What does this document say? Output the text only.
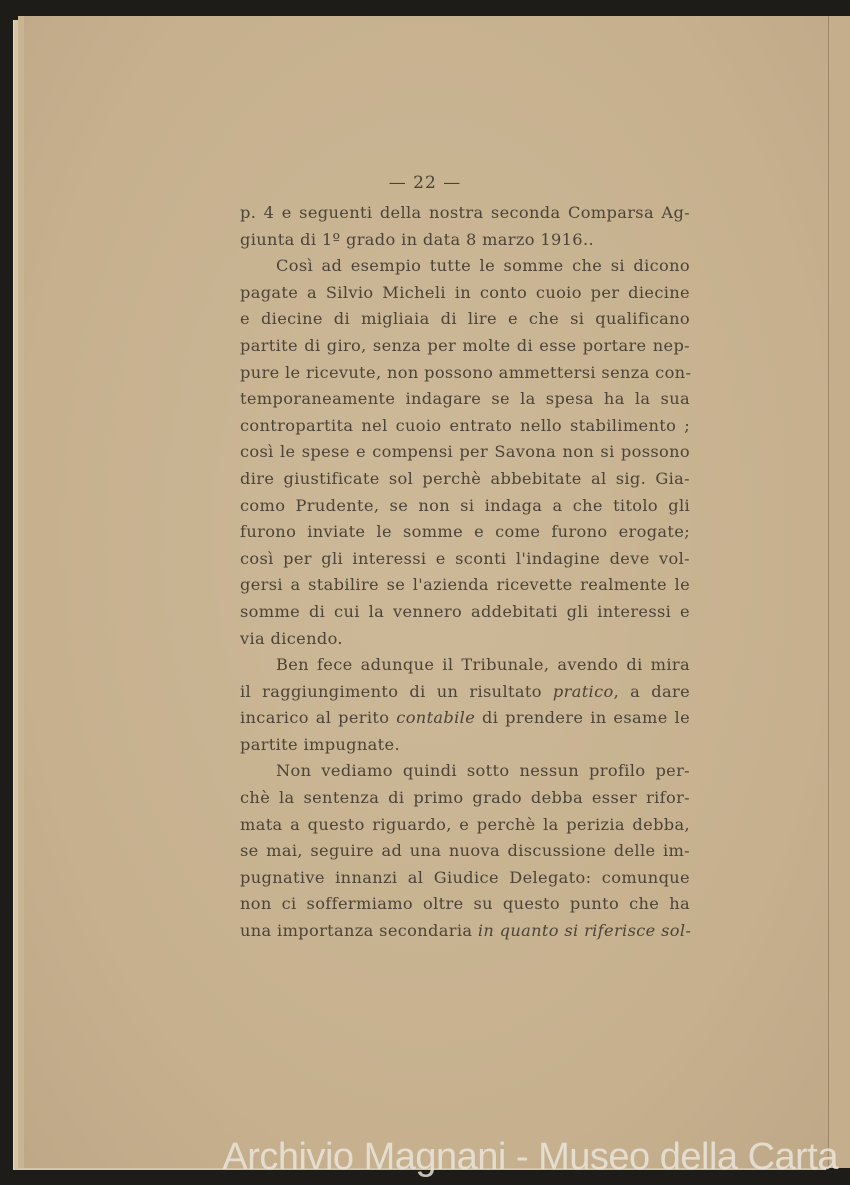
— 22 —
p. 4 e seguenti della nostra seconda Comparsa Ag-
giunta di 1º grado in data 8 marzo 1916..
Così ad esempio tutte le somme che si dicono
pagate a Silvio Micheli in conto cuoio per diecine
e diecine di migliaia di lire e che si qualificano
partite di giro, senza per molte di esse portare nep-
pure le ricevute, non possono ammettersi senza con-
temporaneamente indagare se la spesa ha la sua
contropartita nel cuoio entrato nello stabilimento ;
così le spese e compensi per Savona non si possono
dire giustificate sol perchè abbebitate al sig. Gia-
como Prudente, se non si indaga a che titolo gli
furono inviate le somme e come furono erogate;
così per gli interessi e sconti l'indagine deve vol-
gersi a stabilire se l'azienda ricevette realmente le
somme di cui la vennero addebitati gli interessi e
via dicendo.
Ben fece adunque il Tribunale, avendo di mira
il raggiungimento di un risultato pratico, a dare
incarico al perito contabile di prendere in esame le
partite impugnate.
Non vediamo quindi sotto nessun profilo per-
chè la sentenza di primo grado debba esser rifor-
mata a questo riguardo, e perchè la perizia debba,
se mai, seguire ad una nuova discussione delle im-
pugnative innanzi al Giudice Delegato: comunque
non ci soffermiamo oltre su questo punto che ha
una importanza secondaria in quanto si riferisce sol-
Archivio Magnani - Museo della Carta
